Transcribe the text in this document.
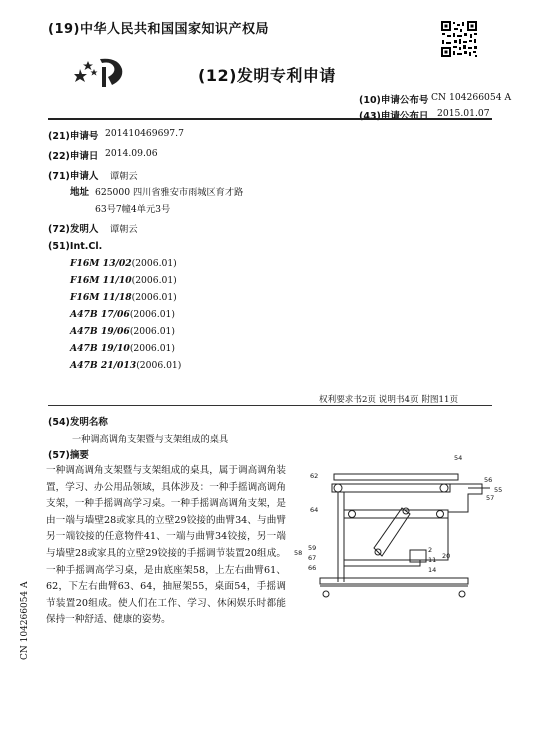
(19)中华人民共和国国家知识产权局
(12)发明专利申请
(10)申请公布号 CN 104266054 A
(43)申请公布日 2015.01.07
(21)申请号 201410469697.7
(22)申请日 2014.09.06
(71)申请人 谭朝云
地址 625000 四川省雅安市雨城区育才路
63号7幢4单元3号
(72)发明人 谭朝云
(51)Int.Cl.
F16M 13/02(2006.01)
F16M 11/10(2006.01)
F16M 11/18(2006.01)
A47B 17/06(2006.01)
A47B 19/06(2006.01)
A47B 19/10(2006.01)
A47B 21/013(2006.01)
权利要求书2页 说明书4页 附图11页
(54)发明名称
一种调高调角支架暨与支架组成的桌具
(57)摘要
一种调高调角支架暨与支架组成的桌具，属于调高调角装置，学习、办公用品领域，具体涉及：一种手摇调高调角支架，一种手摇调高学习桌。一种手摇调高调角支架，是由一端与墙壁28或家具的立壁29铰接的曲臂34、与曲臂另一端铰接的任意物件41、一端与曲臂34铰接，另一端与墙壁28或家具的立壁29铰接的手摇调节装置20组成。一种手摇调高学习桌，是由底座架58，上左右曲臂61、62，下左右曲臂63、64，抽屉架55，桌面54，手摇调节装置20组成。使人们在工作、学习、休闲娱乐时都能保持一种舒适、健康的姿势。
54
62	56
55
57
64
2
20
11
14
59
58
67
66
CN 104266054 A
